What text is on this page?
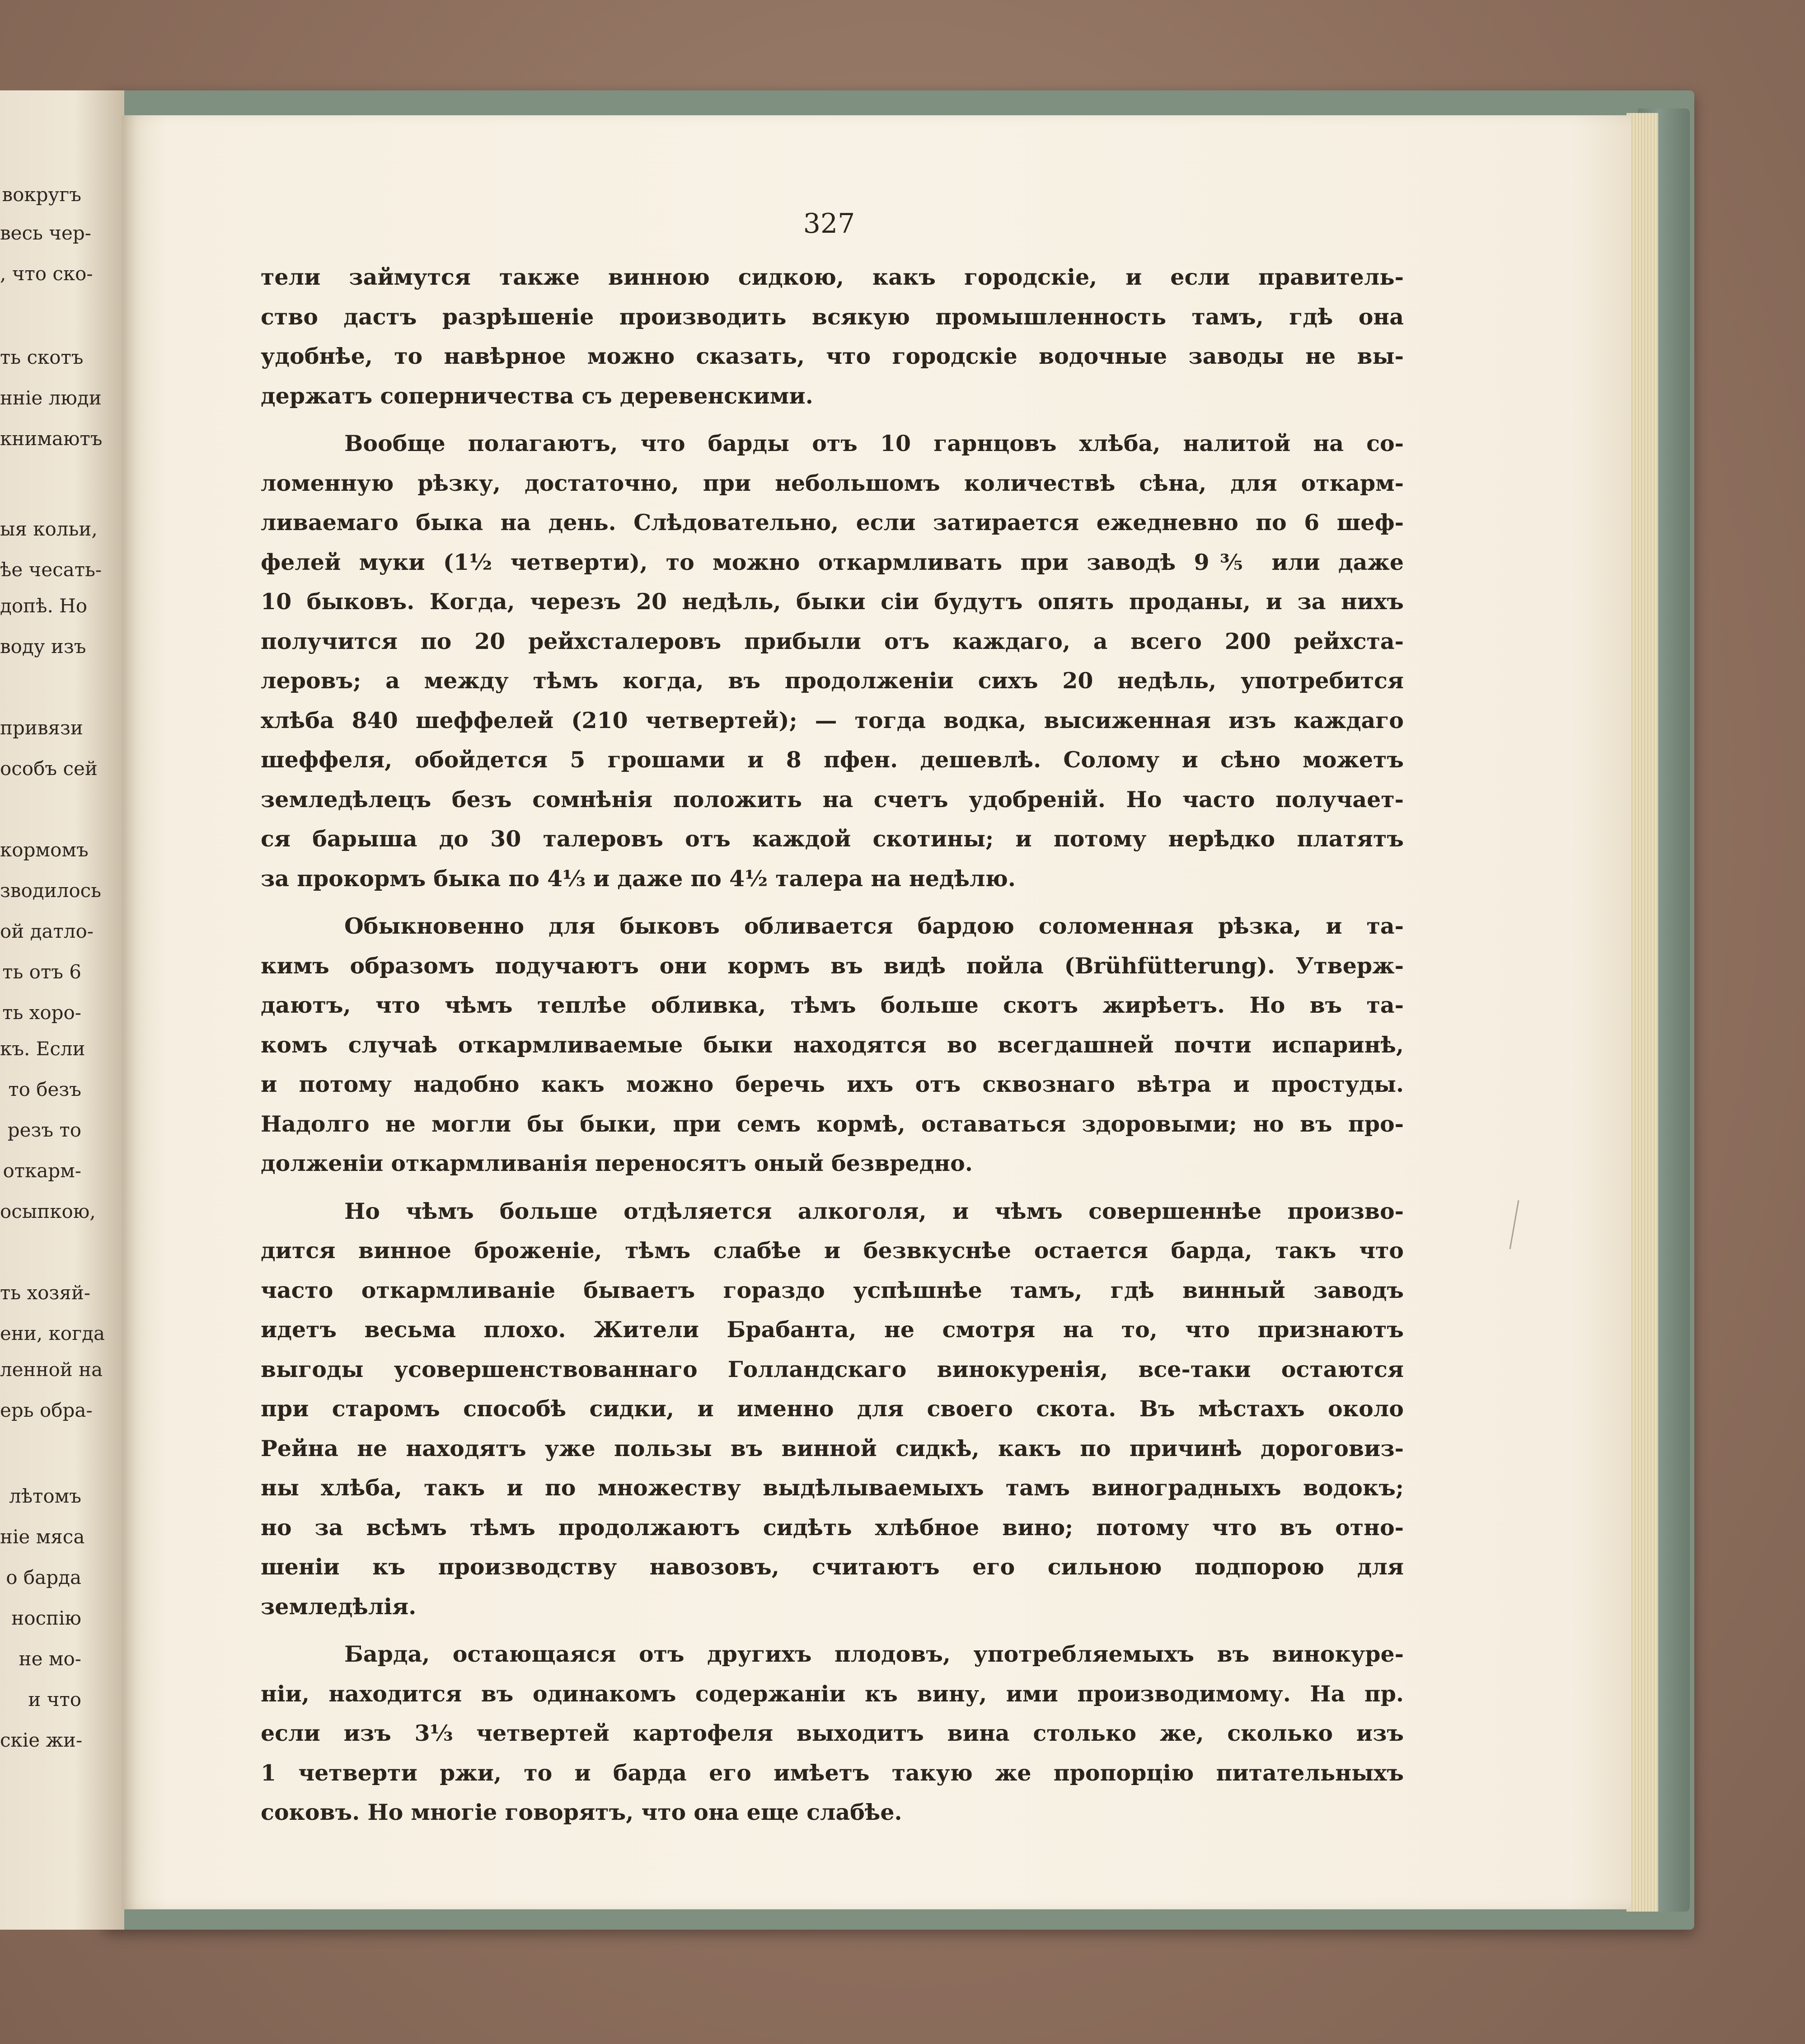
вокругъ
весь чер-
, что ско-
ть скотъ
нніе люди
книмаютъ
ыя кольи,
ѣе чесать-
допѣ. Но
воду изъ
привязи
особъ сей
кормомъ
зводилось
ой датло-
ть отъ 6
ть хоро-
къ. Если
то безъ
резъ то
откарм-
осыпкою,
ть хозяй-
ени, когда
ленной на
ерь обра-
лѣтомъ
ніе мяса
о барда
носпію
не мо-
и что
скіе жи-
327
тели займутся также винною сидкою, какъ городскіе, и если правитель-
ство дастъ разрѣшеніе производить всякую промышленность тамъ, гдѣ она
удобнѣе, то навѣрное можно сказать, что городскіе водочные заводы не вы-
держатъ соперничества съ деревенскими.
Вообще полагаютъ, что барды отъ 10 гарнцовъ хлѣба, налитой на со-
ломенную рѣзку, достаточно, при небольшомъ количествѣ сѣна, для откарм-
ливаемаго быка на день. Слѣдовательно, если затирается ежедневно по 6 шеф-
фелей муки (1½ четверти), то можно откармливать при заводѣ 9⅗ или даже
10 быковъ. Когда, черезъ 20 недѣль, быки сіи будутъ опять проданы, и за нихъ
получится по 20 рейхсталеровъ прибыли отъ каждаго, а всего 200 рейхста-
леровъ; а между тѣмъ когда, въ продолженіи сихъ 20 недѣль, употребится
хлѣба 840 шеффелей (210 четвертей); — тогда водка, высиженная изъ каждаго
шеффеля, обойдется 5 грошами и 8 пфен. дешевлѣ. Солому и сѣно можетъ
земледѣлецъ безъ сомнѣнія положить на счетъ удобреній. Но часто получает-
ся барыша до 30 талеровъ отъ каждой скотины; и потому нерѣдко платятъ
за прокормъ быка по 4⅓ и даже по 4½ талера на недѣлю.
Обыкновенно для быковъ обливается бардою соломенная рѣзка, и та-
кимъ образомъ подучаютъ они кормъ въ видѣ пойла (Brühfütterung). Утверж-
даютъ, что чѣмъ теплѣе обливка, тѣмъ больше скотъ жирѣетъ. Но въ та-
комъ случаѣ откармливаемые быки находятся во всегдашней почти испаринѣ,
и потому надобно какъ можно беречь ихъ отъ сквознаго вѣтра и простуды.
Надолго не могли бы быки, при семъ кормѣ, оставаться здоровыми; но въ про-
долженіи откармливанія переносятъ оный безвредно.
Но чѣмъ больше отдѣляется алкоголя, и чѣмъ совершеннѣе произво-
дится винное броженіе, тѣмъ слабѣе и безвкуснѣе остается барда, такъ что
часто откармливаніе бываетъ гораздо успѣшнѣе тамъ, гдѣ винный заводъ
идетъ весьма плохо. Жители Брабанта, не смотря на то, что признаютъ
выгоды усовершенствованнаго Голландскаго винокуренія, все-таки остаются
при старомъ способѣ сидки, и именно для своего скота. Въ мѣстахъ около
Рейна не находятъ уже пользы въ винной сидкѣ, какъ по причинѣ дороговиз-
ны хлѣба, такъ и по множеству выдѣлываемыхъ тамъ виноградныхъ водокъ;
но за всѣмъ тѣмъ продолжаютъ сидѣть хлѣбное вино; потому что въ отно-
шеніи къ производству навозовъ, считаютъ его сильною подпорою для
земледѣлія.
Барда, остающаяся отъ другихъ плодовъ, употребляемыхъ въ винокуре-
ніи, находится въ одинакомъ содержаніи къ вину, ими производимому. На пр.
если изъ 3⅓ четвертей картофеля выходитъ вина столько же, сколько изъ
1 четверти ржи, то и барда его имѣетъ такую же пропорцію питательныхъ
соковъ. Но многіе говорятъ, что она еще слабѣе.
